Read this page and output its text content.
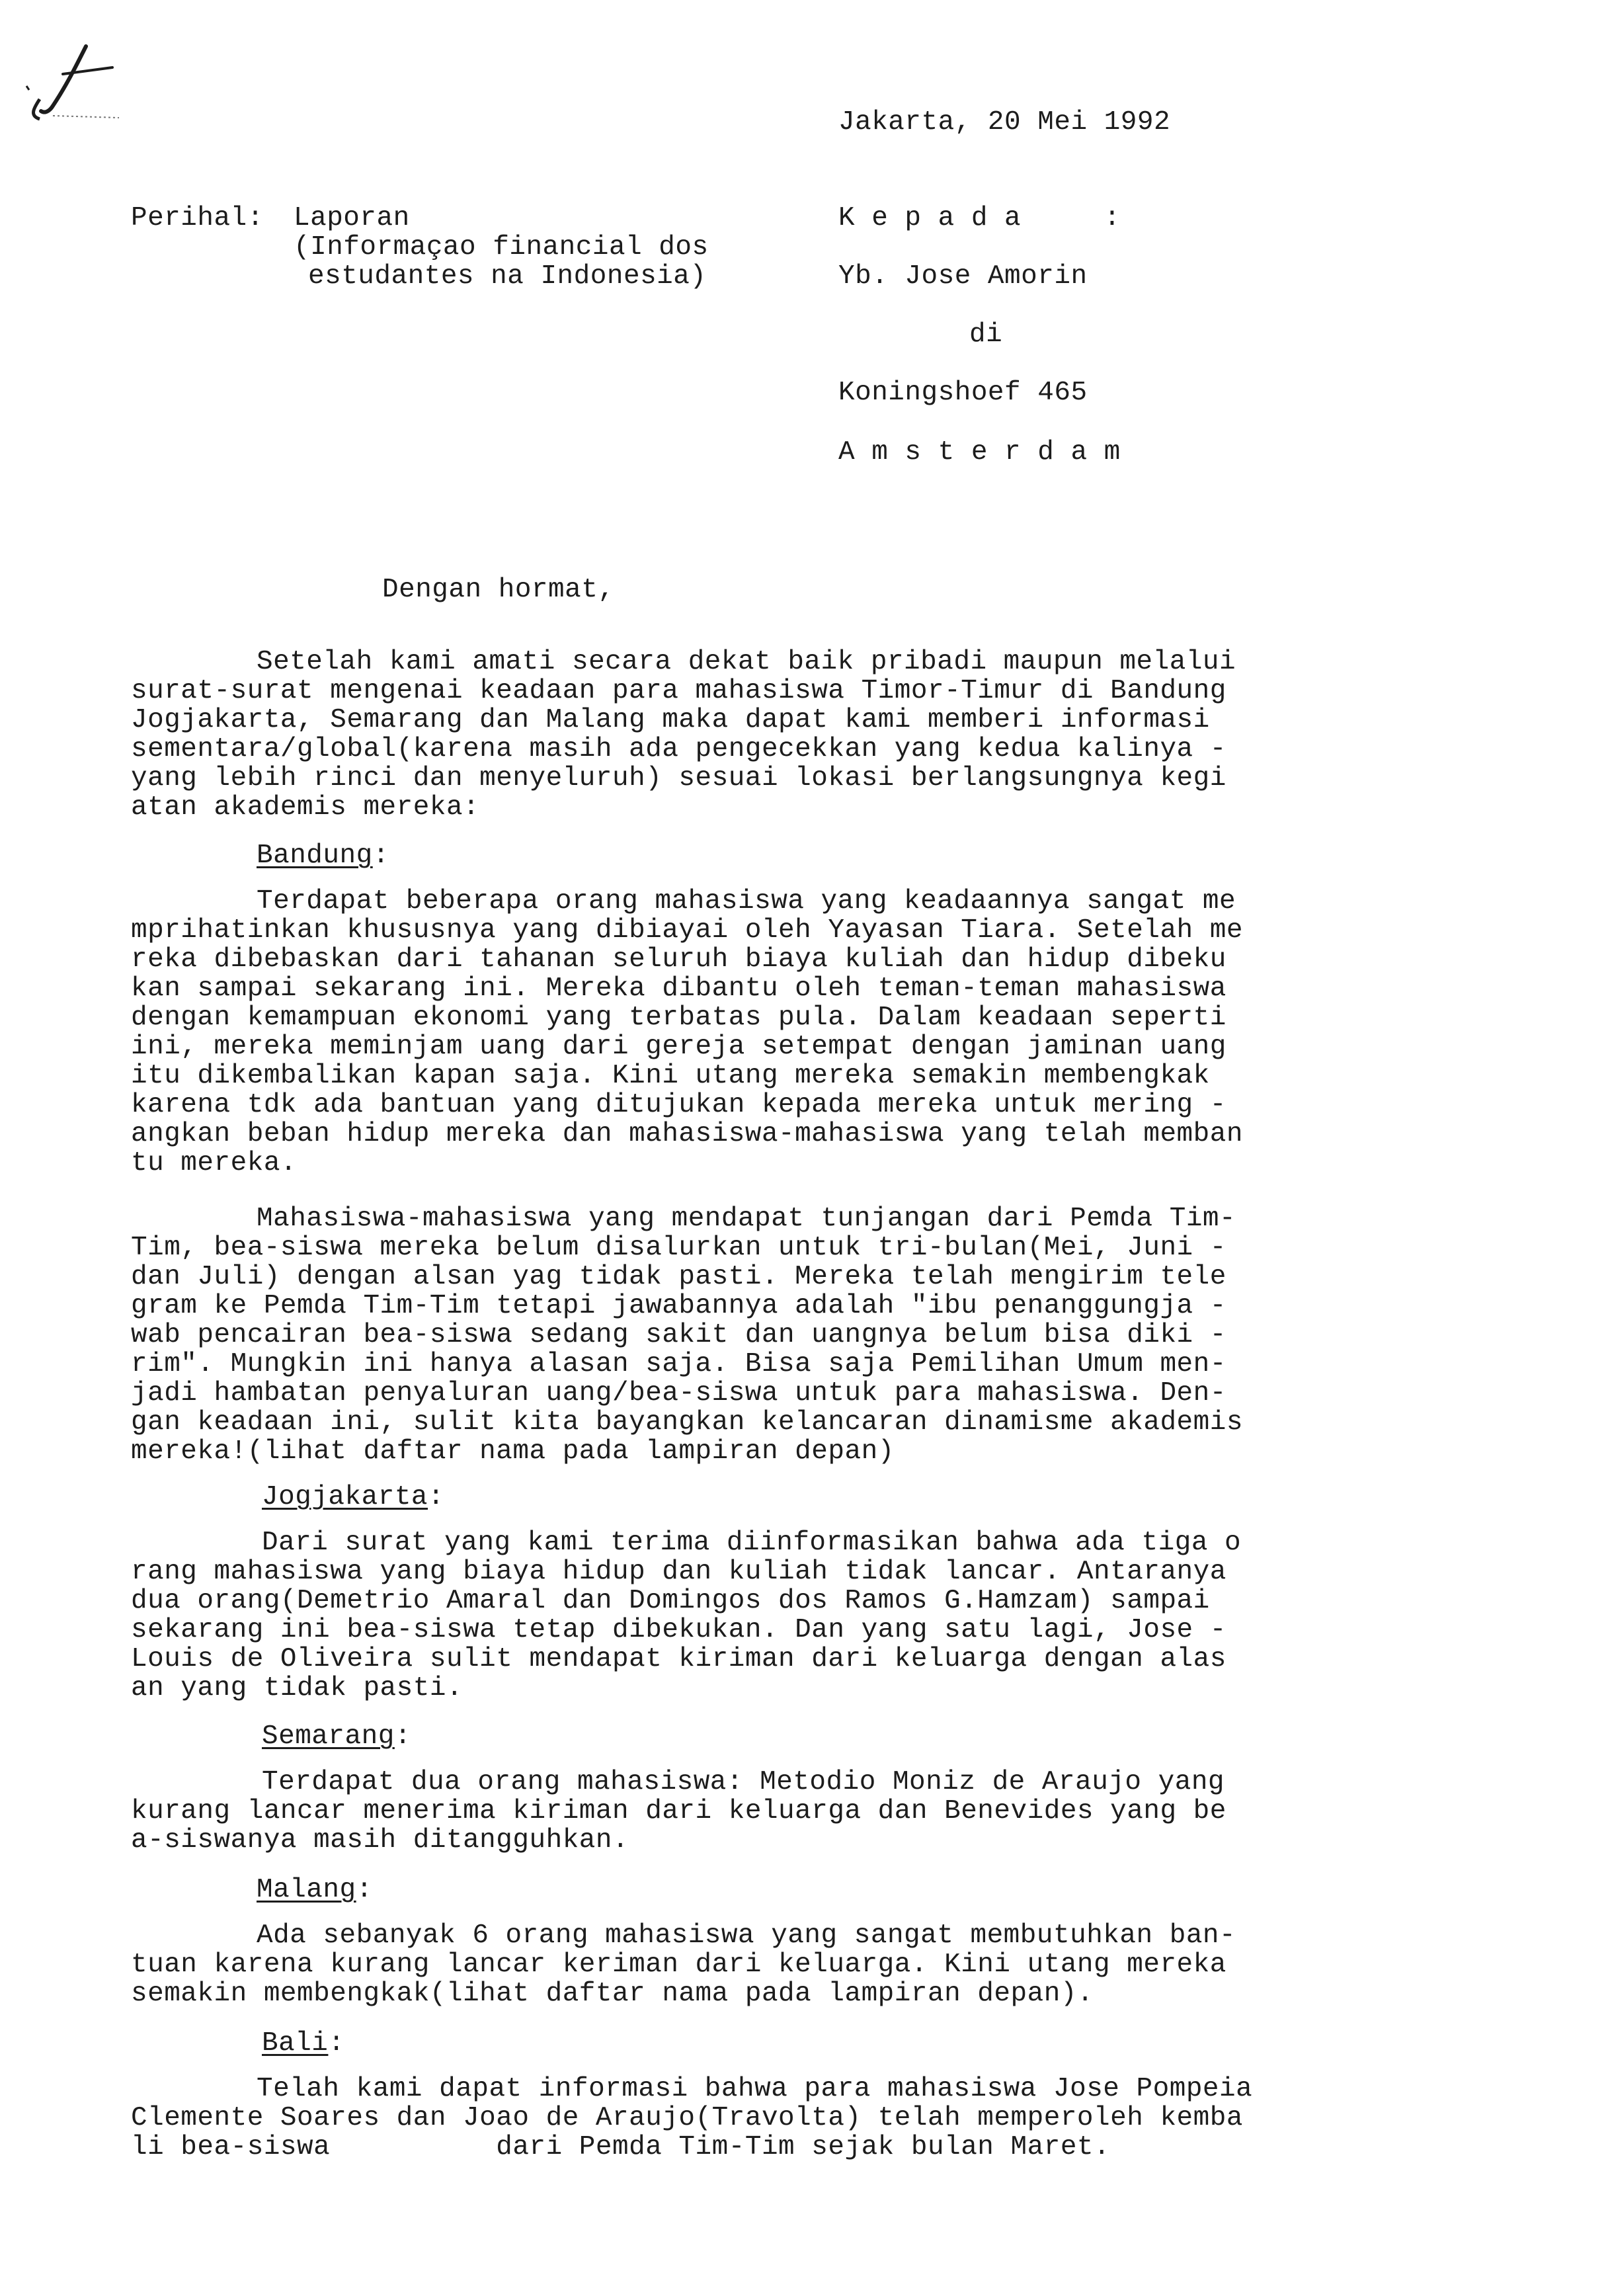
Jakarta, 20 Mei 1992
Perihal: Laporan
(Informaçao financial dos
estudantes na Indonesia)
K e p a d a     :
Yb. Jose Amorin
di
Koningshoef 465
A m s t e r d a m
Dengan hormat,
Setelah kami amati secara dekat baik pribadi maupun melalui
surat-surat mengenai keadaan para mahasiswa Timor-Timur di Bandung
Jogjakarta, Semarang dan Malang maka dapat kami memberi informasi
sementara/global(karena masih ada pengecekkan yang kedua kalinya -
yang lebih rinci dan menyeluruh) sesuai lokasi berlangsungnya kegi
atan akademis mereka:
Bandung:
Terdapat beberapa orang mahasiswa yang keadaannya sangat me
mprihatinkan khususnya yang dibiayai oleh Yayasan Tiara. Setelah me
reka dibebaskan dari tahanan seluruh biaya kuliah dan hidup dibeku
kan sampai sekarang ini. Mereka dibantu oleh teman-teman mahasiswa
dengan kemampuan ekonomi yang terbatas pula. Dalam keadaan seperti
ini, mereka meminjam uang dari gereja setempat dengan jaminan uang
itu dikembalikan kapan saja. Kini utang mereka semakin membengkak
karena tdk ada bantuan yang ditujukan kepada mereka untuk mering -
angkan beban hidup mereka dan mahasiswa-mahasiswa yang telah memban
tu mereka.
Mahasiswa-mahasiswa yang mendapat tunjangan dari Pemda Tim-
Tim, bea-siswa mereka belum disalurkan untuk tri-bulan(Mei, Juni -
dan Juli) dengan alsan yag tidak pasti. Mereka telah mengirim tele
gram ke Pemda Tim-Tim tetapi jawabannya adalah "ibu penanggungja -
wab pencairan bea-siswa sedang sakit dan uangnya belum bisa diki -
rim". Mungkin ini hanya alasan saja. Bisa saja Pemilihan Umum men-
jadi hambatan penyaluran uang/bea-siswa untuk para mahasiswa. Den-
gan keadaan ini, sulit kita bayangkan kelancaran dinamisme akademis
mereka!(lihat daftar nama pada lampiran depan)
Jogjakarta:
Dari surat yang kami terima diinformasikan bahwa ada tiga o
rang mahasiswa yang biaya hidup dan kuliah tidak lancar. Antaranya
dua orang(Demetrio Amaral dan Domingos dos Ramos G.Hamzam) sampai
sekarang ini bea-siswa tetap dibekukan. Dan yang satu lagi, Jose -
Louis de Oliveira sulit mendapat kiriman dari keluarga dengan alas
an yang tidak pasti.
Semarang:
Terdapat dua orang mahasiswa: Metodio Moniz de Araujo yang
kurang lancar menerima kiriman dari keluarga dan Benevides yang be
a-siswanya masih ditangguhkan.
Malang:
Ada sebanyak 6 orang mahasiswa yang sangat membutuhkan ban-
tuan karena kurang lancar keriman dari keluarga. Kini utang mereka
semakin membengkak(lihat daftar nama pada lampiran depan).
Bali:
Telah kami dapat informasi bahwa para mahasiswa Jose Pompeia
Clemente Soares dan Joao de Araujo(Travolta) telah memperoleh kemba
li bea-siswa          dari Pemda Tim-Tim sejak bulan Maret.
